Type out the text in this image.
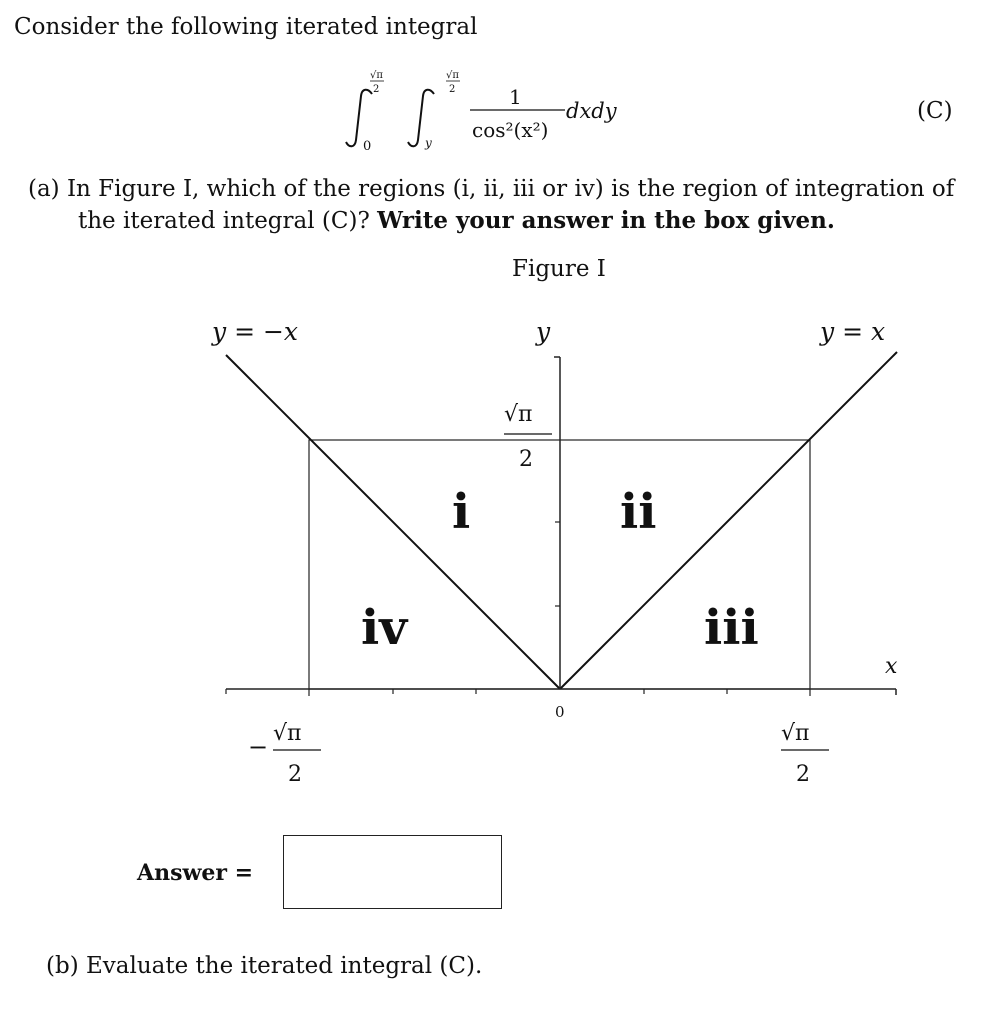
Consider the following iterated integral
√π
2
0
√π
2
y
1
cos²(x²)
dxdy
y = −x	y = x
y
x
√π
2
0
− √π
2
√π
2
i	ii
iii
iv
(C)
(a) In Figure I, which of the regions (i, ii, iii or iv) is the region of integration of
the iterated integral (C)? Write your answer in the box given.
Figure I
Answer =
(b) Evaluate the iterated integral (C).
